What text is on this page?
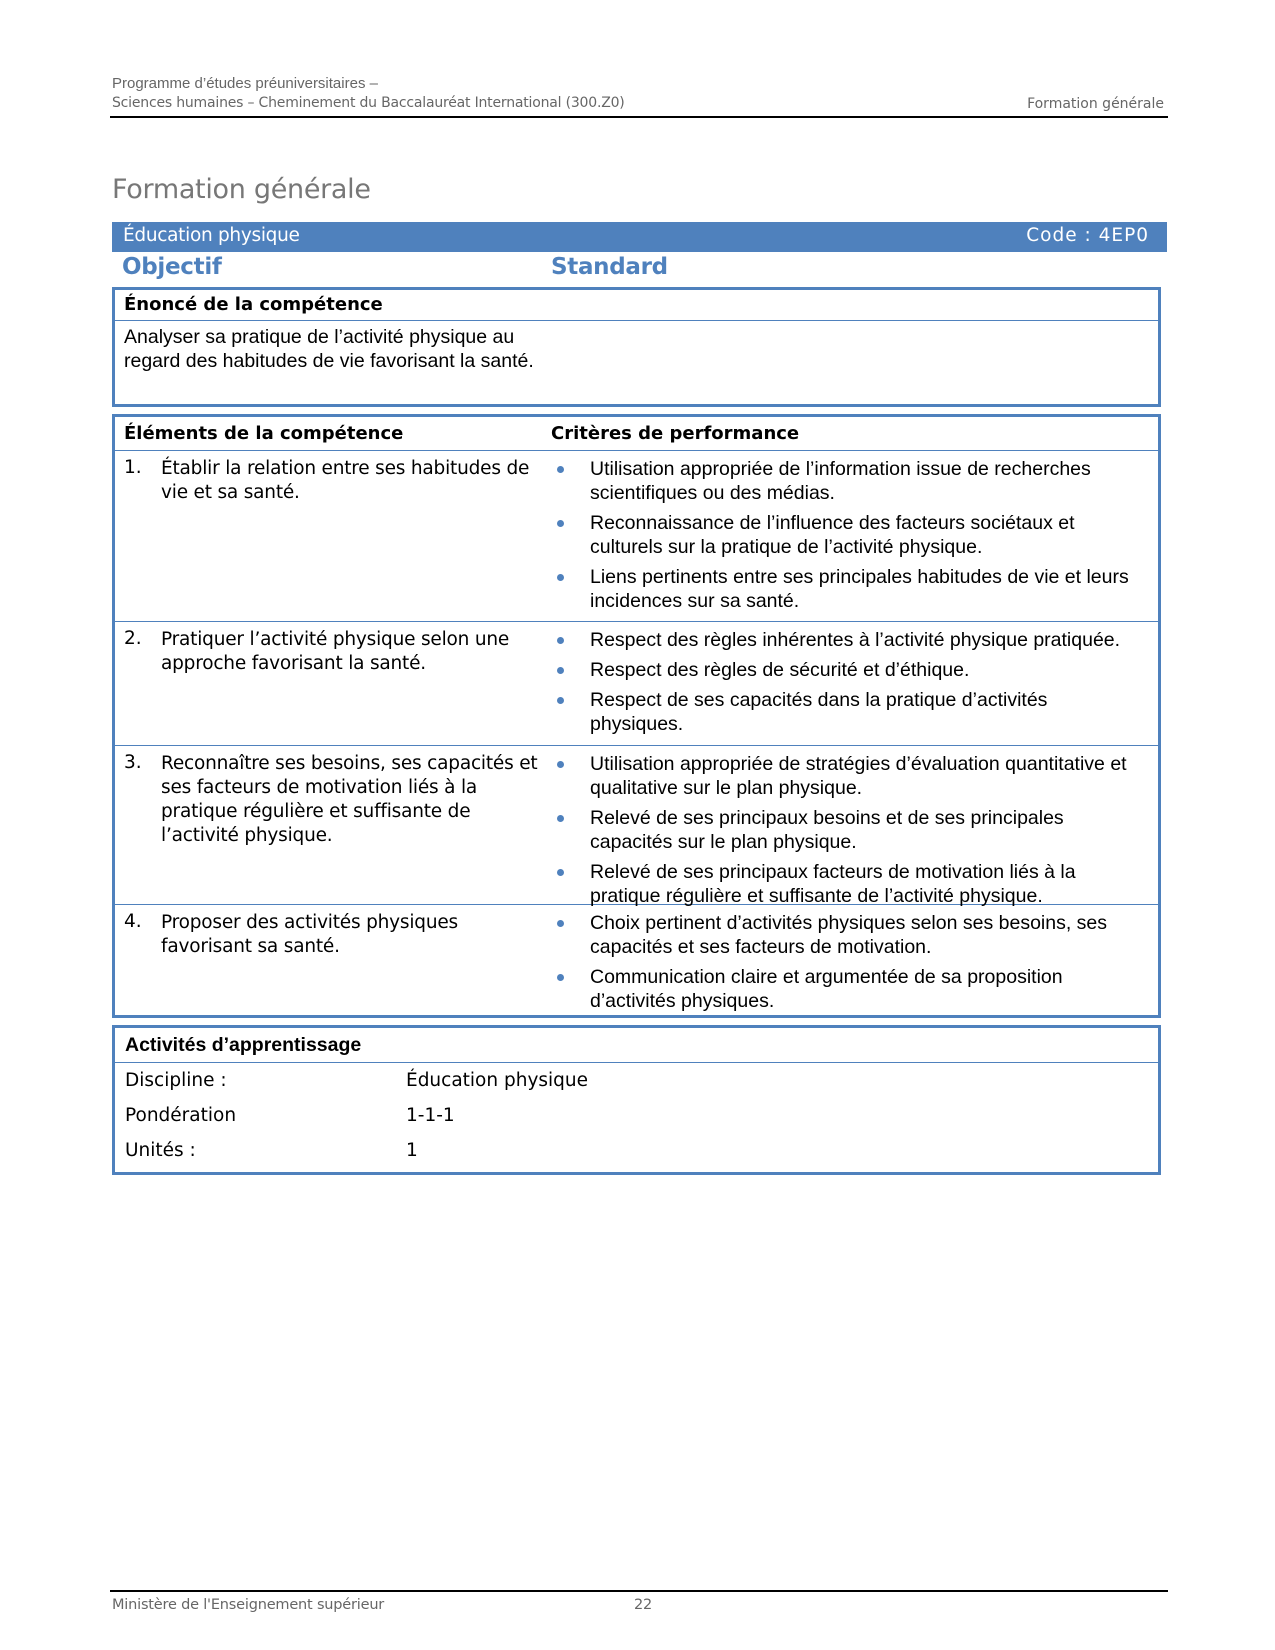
Programme d’études préuniversitaires –
Sciences humaines – Cheminement du Baccalauréat International (300.Z0)	Formation générale
Formation générale
Éducation physique	Code : 4EP0
Objectif	Standard
Énoncé de la compétence
Analyser sa pratique de l’activité physique au regard des habitudes de vie favorisant la santé.
Éléments de la compétence	Critères de performance
1. Établir la relation entre ses habitudes de vie et sa santé.
Utilisation appropriée de l’information issue de recherches scientifiques ou des médias.
Reconnaissance de l’influence des facteurs sociétaux et culturels sur la pratique de l’activité physique.
Liens pertinents entre ses principales habitudes de vie et leurs incidences sur sa santé.
2. Pratiquer l’activité physique selon une approche favorisant la santé.
Respect des règles inhérentes à l’activité physique pratiquée.
Respect des règles de sécurité et d’éthique.
Respect de ses capacités dans la pratique d’activités physiques.
3. Reconnaître ses besoins, ses capacités et ses facteurs de motivation liés à la pratique régulière et suffisante de l’activité physique.
Utilisation appropriée de stratégies d’évaluation quantitative et qualitative sur le plan physique.
Relevé de ses principaux besoins et de ses principales capacités sur le plan physique.
Relevé de ses principaux facteurs de motivation liés à la pratique régulière et suffisante de l’activité physique.
4. Proposer des activités physiques favorisant sa santé.
Choix pertinent d’activités physiques selon ses besoins, ses capacités et ses facteurs de motivation.
Communication claire et argumentée de sa proposition d’activités physiques.
Activités d’apprentissage
Discipline :	Éducation physique
Pondération	1-1-1
Unités :	1
Ministère de l'Enseignement supérieur	22
